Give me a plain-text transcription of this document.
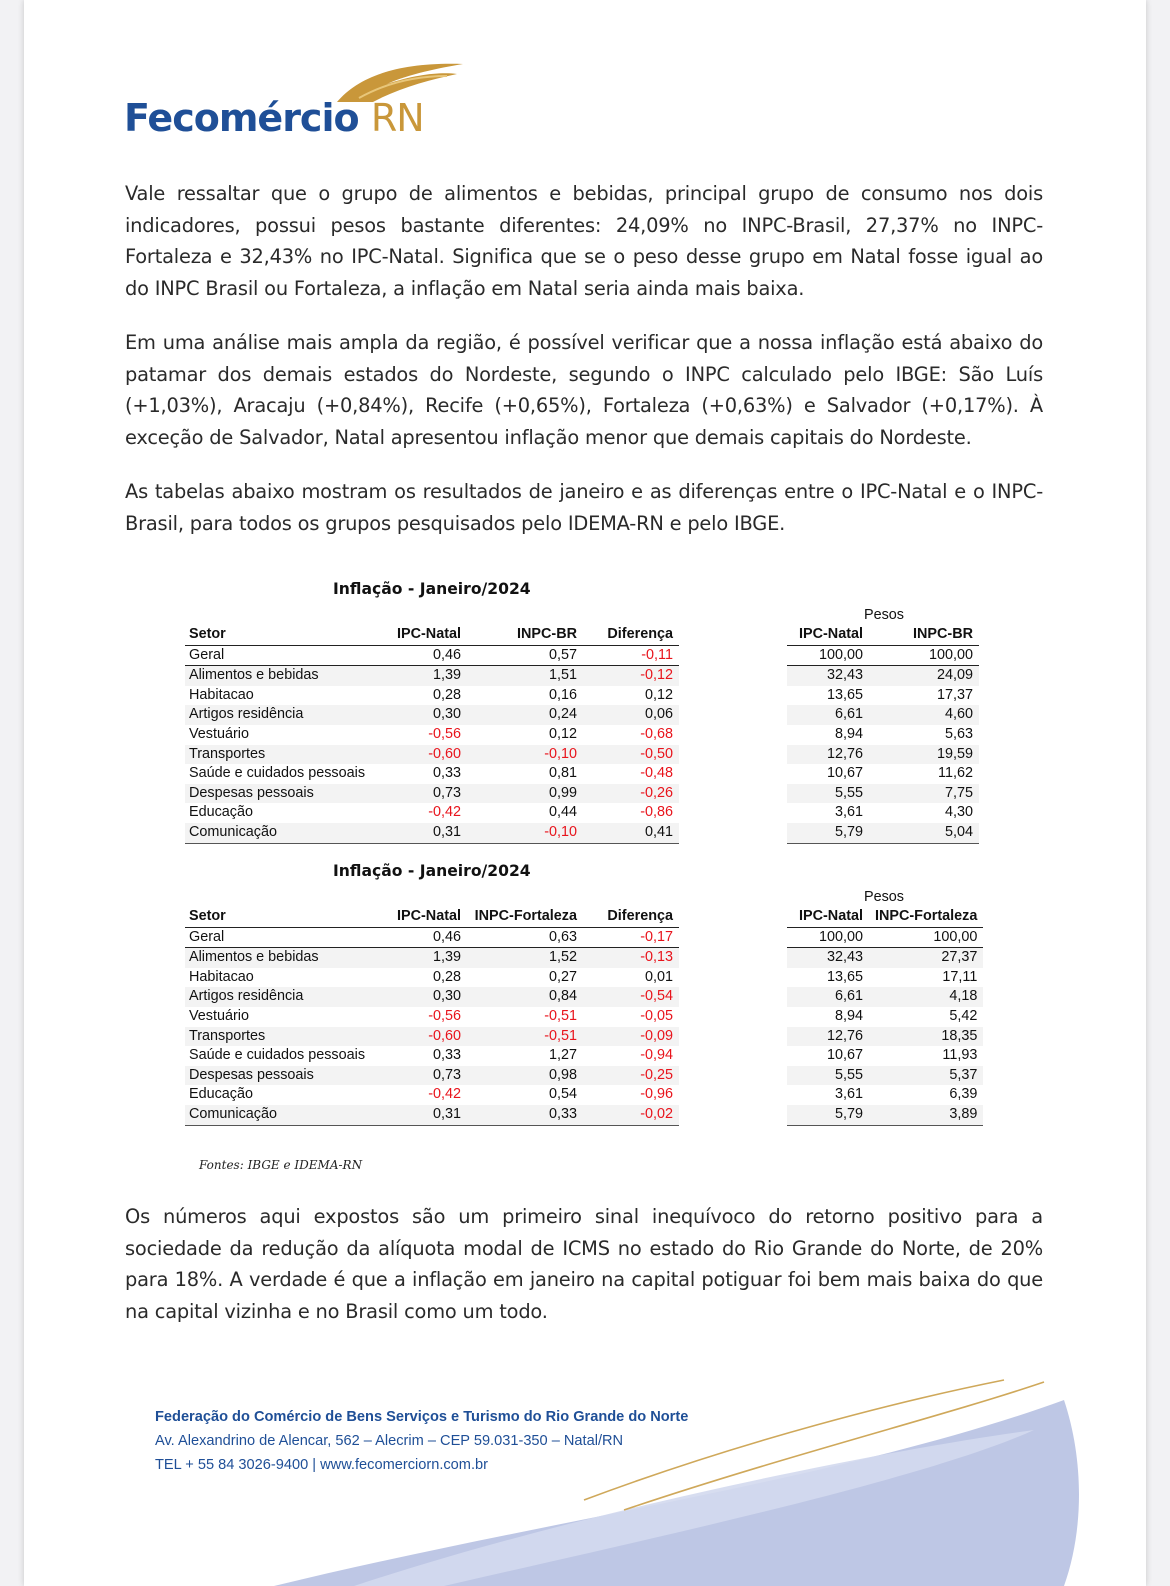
Fecomércio RN

Vale ressaltar que o grupo de alimentos e bebidas, principal grupo de consumo nos dois indicadores, possui pesos bastante diferentes: 24,09% no INPC-Brasil, 27,37% no INPC-Fortaleza e 32,43% no IPC-Natal. Significa que se o peso desse grupo em Natal fosse igual ao do INPC Brasil ou Fortaleza, a inflação em Natal seria ainda mais baixa.

Em uma análise mais ampla da região, é possível verificar que a nossa inflação está abaixo do patamar dos demais estados do Nordeste, segundo o INPC calculado pelo IBGE: São Luís (+1,03%), Aracaju (+0,84%), Recife (+0,65%), Fortaleza (+0,63%) e Salvador (+0,17%). À exceção de Salvador, Natal apresentou inflação menor que demais capitais do Nordeste.

As tabelas abaixo mostram os resultados de janeiro e as diferenças entre o IPC-Natal e o INPC-Brasil, para todos os grupos pesquisados pelo IDEMA-RN e pelo IBGE.

Inflação - Janeiro/2024
Setor	IPC-Natal	INPC-BR	Diferença
Geral	0,46	0,57	-0,11
Alimentos e bebidas	1,39	1,51	-0,12
Habitacao	0,28	0,16	0,12
Artigos residência	0,30	0,24	0,06
Vestuário	-0,56	0,12	-0,68
Transportes	-0,60	-0,10	-0,50
Saúde e cuidados pessoais	0,33	0,81	-0,48
Despesas pessoais	0,73	0,99	-0,26
Educação	-0,42	0,44	-0,86
Comunicação	0,31	-0,10	0,41
Pesos
IPC-Natal	INPC-BR
100,00	100,00
32,43	24,09
13,65	17,37
6,61	4,60
8,94	5,63
12,76	19,59
10,67	11,62
5,55	7,75
3,61	4,30
5,79	5,04
Inflação - Janeiro/2024
Setor	IPC-Natal	INPC-Fortaleza	Diferença
Geral	0,46	0,63	-0,17
Alimentos e bebidas	1,39	1,52	-0,13
Habitacao	0,28	0,27	0,01
Artigos residência	0,30	0,84	-0,54
Vestuário	-0,56	-0,51	-0,05
Transportes	-0,60	-0,51	-0,09
Saúde e cuidados pessoais	0,33	1,27	-0,94
Despesas pessoais	0,73	0,98	-0,25
Educação	-0,42	0,54	-0,96
Comunicação	0,31	0,33	-0,02
Pesos
IPC-Natal	INPC-Fortaleza
100,00	100,00
32,43	27,37
13,65	17,11
6,61	4,18
8,94	5,42
12,76	18,35
10,67	11,93
5,55	5,37
3,61	6,39
5,79	3,89
Fontes: IBGE e IDEMA-RN

Os números aqui expostos são um primeiro sinal inequívoco do retorno positivo para a sociedade da redução da alíquota modal de ICMS no estado do Rio Grande do Norte, de 20% para 18%. A verdade é que a inflação em janeiro na capital potiguar foi bem mais baixa do que na capital vizinha e no Brasil como um todo.

Federação do Comércio de Bens Serviços e Turismo do Rio Grande do Norte
Av. Alexandrino de Alencar, 562 – Alecrim – CEP 59.031-350 – Natal/RN
TEL + 55 84 3026-9400 | www.fecomerciorn.com.br
